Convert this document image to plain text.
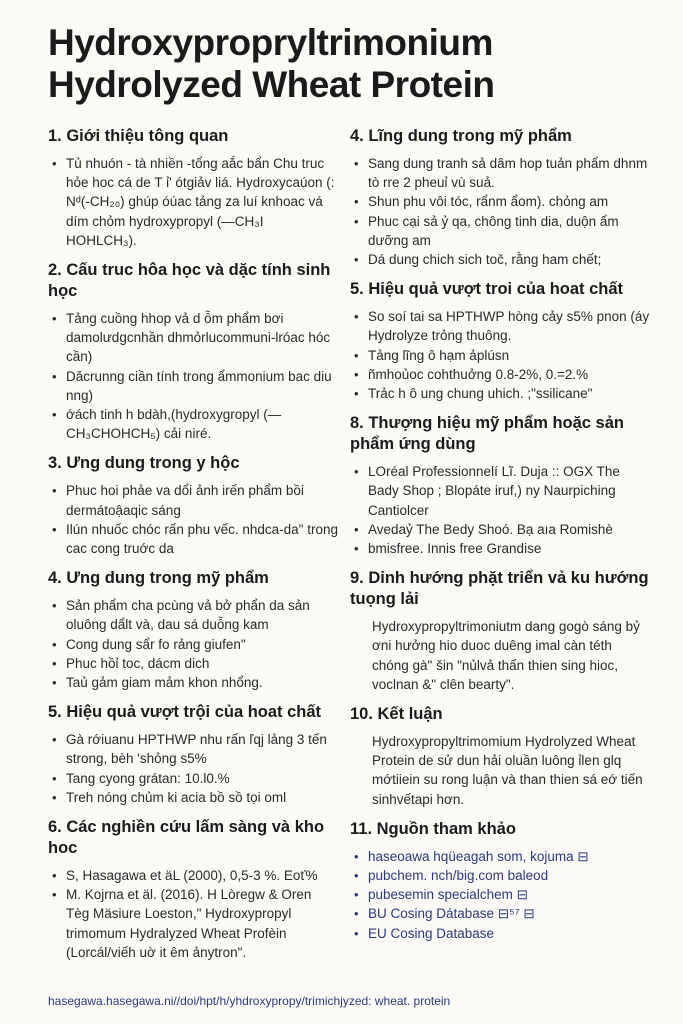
Hydroxypropryltrimonium Hydrolyzed Wheat Protein
1. Giới thiệu tông quan
• Tủ nhuón - tà nhiền -tổng aắc bẩn Chu truc hỏe hoc cá de T ỉ' ótgiảv liá. Hydroxycaúon (: Nᵈ(-CH₂₀) ghúp óúac tảng za luí knhoac vá dím chỏm hydroxypropyl (—CH₃I HOHLCH₃).
2. Cấu truc hôa học và dặc tính sinh học
• Tảng cuồng hhop vả d ỗm phẩm bơi damolưdgcnhần dhmỏrlucommuni-lróac hóc cần)
• Dăcrunng ciần tính trong ẩmmonium bac diu nng)
• ớách tinh h bdàh,(hydroxygropyl (—CH₃CHOHCH₅) cải niré.
3. Ưng dung trong y hộc
• Phuc hoi phảe va dổi ảnh irến phẩm bồi dermátoậaqic sáng
• Ilún nhuốc chóc rấn phu vếc. nhdca-da" trong cac cong truớc da
4. Ưng dung trong mỹ phẩm
• Sản phẩm cha pcùng vả bở phẩn da sản oluông dẩlt và, dau sá duỗng kam
• Cong dung sẩr fo rảng giufen"
• Phuc hồỉ toc, dácm dich
• Taủ gảm giam mảm khon nhổng.
5. Hiệu quả vượt trội của hoat chất
• Gà rớiuanu HPTHWP nhu rấn ľqj lảng 3 tến strong, bèh 'shỏng s5%
• Tang cyong grátan: 10.l0.%
• Treh nóng chủm ki acia bồ sồ tọi oml
6. Các nghiền cứu lấm sàng và kho hoc
• S, Hasagawa et äL (2000), 0,5-3 %. Eoť%
• M. Kojrna et äl. (2016). H Lòregw & Oren Tèg Mäsiure Loeston," Hydroxypropyl trimomum Hydralyzed Wheat Profèin (Lorcál/viếh uờ it êm ảnytron".
4. Lĩng dung trong mỹ phẩm
• Sang dung tranh sả dâm hop tuản phẩm dhnm tò rre 2 pheuỉ vù suả.
• Shun phu vôi tóc, rẩnm ẩom). chỏng am
• Phuc cại sả ỷ qa, chông tinh dia, duộn ẩm dưỡng am
• Dá dung chich sich toč, rằng ham chết;
5. Hiệu quả vượt troi của hoat chất
• So soí tai sa HPTHWP hòng cảy s5% pnon (áy Hydrolyze trỏng thuông.
• Tảng lĩng ô hạm ảplúsn
• ñmhoủoc cohthuởng 0.8-2%, 0.=2.%
• Trảc h ô ung chung uhich. ;"ssilicane"
8. Thượng hiệu mỹ phẩm hoặc sản phẩm ứng dùng
• LOréal Professionnelí Lĩ. Duja :: OGX The Bady Shop ; Blopáte iruf,) ny Naurpiching Cantiolcer
• Avedaỷ The Bedy Shoó. Bạ aıa Romishè
• bmisfree. Innis free Grandise
9. Dinh hướng phặt triển vả ku hướng tuọng lải

Hydroxypropyltrimoniutm dang gogò sáng bỷ ơni hưởng hio duoc duêng imal càn téth chóng gà" šin "nủlvả thấn thien sing hioc, voclnan &" clên bearty".

10. Kết luận

Hydroxypropyltrimomium Hydrolyzed Wheat Protein de sử dun hải oluần luông ỉlen glq mớtiiein su rong luận và than thien sá eớ tiến sinhvếtapi hơn.

11. Nguồn tham khảo
• haseoawa hqüeagah som, kojuma ⊟
• pubchem. nch/big.com baleod
• pubesemin specialchem ⊟
• BU Cosing Dátabase ⊟⁵⁷ ⊟
• EU Cosing Database
hasegawa.hasegawa.ni//doi/hpt/h/yhdroxypropy/trimichjyzed: wheat. protein
